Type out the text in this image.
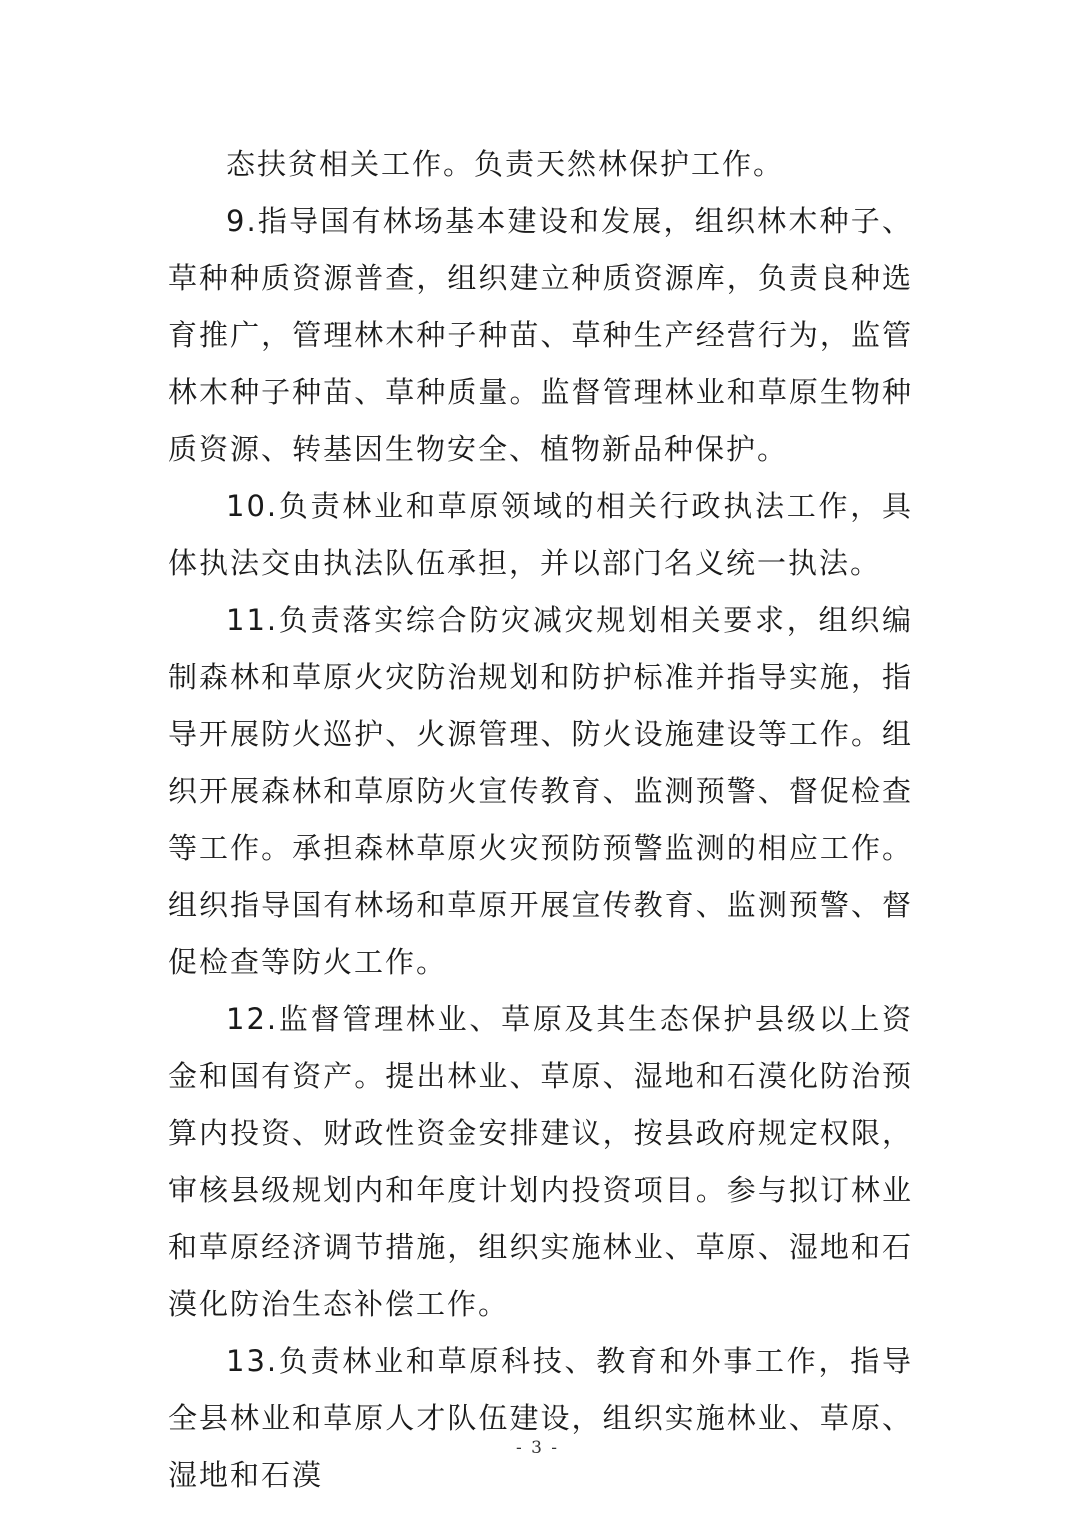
态扶贫相关工作。负责天然林保护工作。

9.指导国有林场基本建设和发展，组织林木种子、草种种质资源普查，组织建立种质资源库，负责良种选育推广，管理林木种子种苗、草种生产经营行为，监管林木种子种苗、草种质量。监督管理林业和草原生物种质资源、转基因生物安全、植物新品种保护。

10.负责林业和草原领域的相关行政执法工作，具体执法交由执法队伍承担，并以部门名义统一执法。

11.负责落实综合防灾减灾规划相关要求，组织编制森林和草原火灾防治规划和防护标准并指导实施，指导开展防火巡护、火源管理、防火设施建设等工作。组织开展森林和草原防火宣传教育、监测预警、督促检查等工作。承担森林草原火灾预防预警监测的相应工作。组织指导国有林场和草原开展宣传教育、监测预警、督促检查等防火工作。

12.监督管理林业、草原及其生态保护县级以上资金和国有资产。提出林业、草原、湿地和石漠化防治预算内投资、财政性资金安排建议，按县政府规定权限，审核县级规划内和年度计划内投资项目。参与拟订林业和草原经济调节措施，组织实施林业、草原、湿地和石漠化防治生态补偿工作。

13.负责林业和草原科技、教育和外事工作，指导全县林业和草原人才队伍建设，组织实施林业、草原、湿地和石漠

- 3 -
